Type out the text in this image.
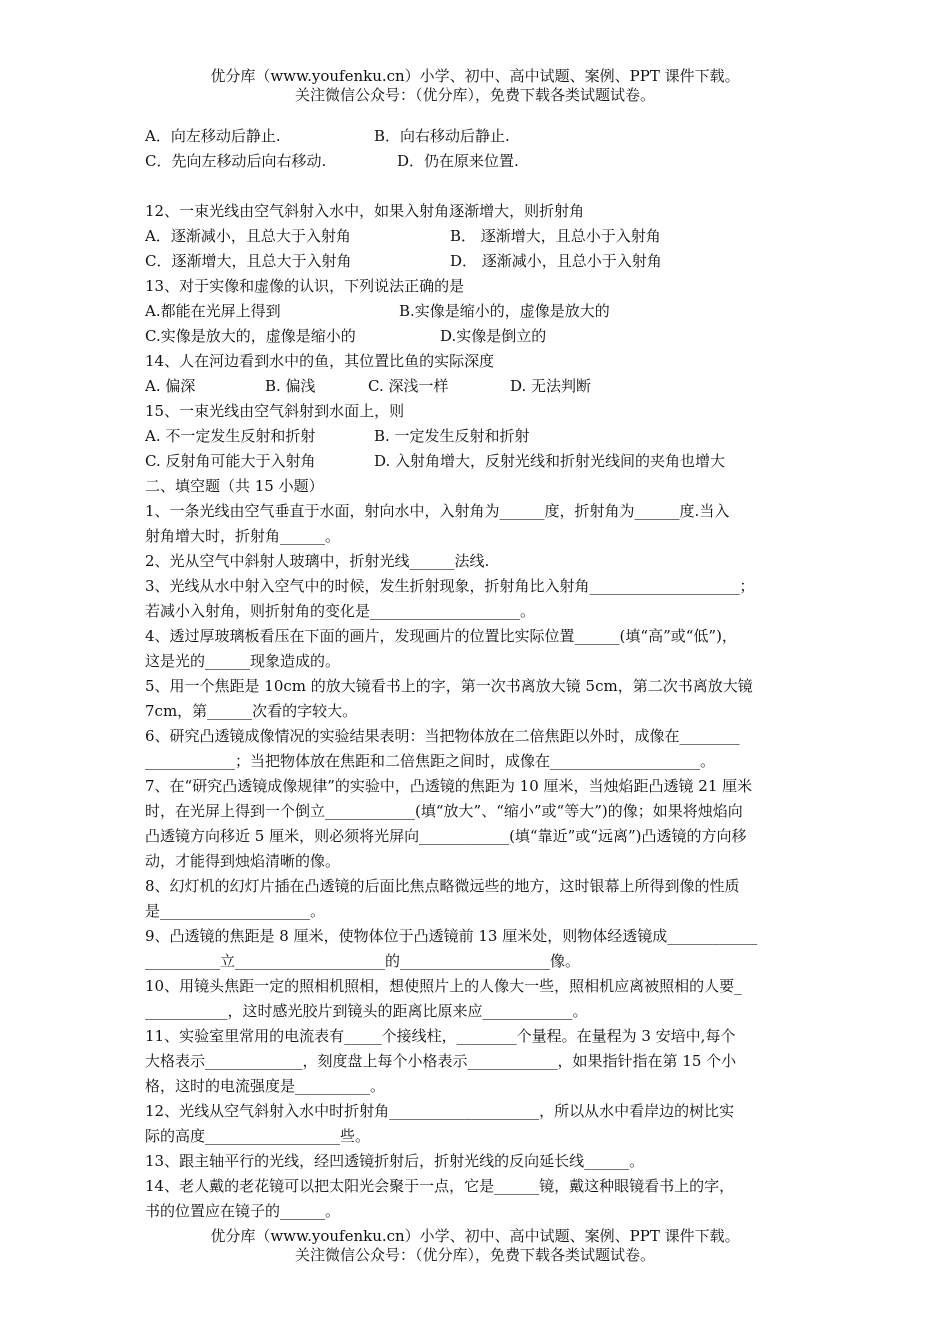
优分库（www.youfenku.cn）小学、初中、高中试题、案例、PPT 课件下载。
关注微信公众号：（优分库），免费下载各类试题试卷。
A．向左移动后静止.	B．向右移动后静止.
C．先向左移动后向右移动.	D．仍在原来位置.
12、一束光线由空气斜射入水中，如果入射角逐渐增大，则折射角
A．逐渐减小，且总大于入射角	B． 逐渐增大，且总小于入射角
C．逐渐增大，且总大于入射角	D． 逐渐减小，且总小于入射角
13、对于实像和虚像的认识，下列说法正确的是
A.都能在光屏上得到	B.实像是缩小的，虚像是放大的
C.实像是放大的，虚像是缩小的	D.实像是倒立的
14、人在河边看到水中的鱼，其位置比鱼的实际深度
A. 偏深	B. 偏浅	C. 深浅一样	D. 无法判断
15、一束光线由空气斜射到水面上，则
A. 不一定发生反射和折射	B. 一定发生反射和折射
C. 反射角可能大于入射角	D. 入射角增大，反射光线和折射光线间的夹角也增大
二、填空题（共 15 小题）
1、一条光线由空气垂直于水面，射向水中，入射角为______度，折射角为______度.当入
射角增大时，折射角______。
2、光从空气中斜射人玻璃中，折射光线______法线.
3、光线从水中射入空气中的时候，发生折射现象，折射角比入射角____________________；
若减小入射角，则折射角的变化是____________________。
4、透过厚玻璃板看压在下面的画片，发现画片的位置比实际位置______(填“高”或“低”)，
这是光的______现象造成的。
5、用一个焦距是 10cm 的放大镜看书上的字，第一次书离放大镜 5cm，第二次书离放大镜
7cm，第______次看的字较大。
6、研究凸透镜成像情况的实验结果表明：当把物体放在二倍焦距以外时，成像在________
____________；当把物体放在焦距和二倍焦距之间时，成像在____________________。
7、在“研究凸透镜成像规律”的实验中，凸透镜的焦距为 10 厘米，当烛焰距凸透镜 21 厘米
时，在光屏上得到一个倒立____________(填“放大”、“缩小”或“等大”)的像；如果将烛焰向
凸透镜方向移近 5 厘米，则必须将光屏向____________(填“靠近”或“远离”)凸透镜的方向移
动，才能得到烛焰清晰的像。
8、幻灯机的幻灯片插在凸透镜的后面比焦点略微远些的地方，这时银幕上所得到像的性质
是____________________。
9、凸透镜的焦距是 8 厘米，使物体位于凸透镜前 13 厘米处，则物体经透镜成____________
__________立____________________的____________________像。
10、用镜头焦距一定的照相机照相，想使照片上的人像大一些，照相机应离被照相的人要_
___________，这时感光胶片到镜头的距离比原来应____________。
11、实验室里常用的电流表有_____个接线柱，________个量程。在量程为 3 安培中,每个
大格表示_____________，刻度盘上每个小格表示____________，如果指针指在第 15 个小
格，这时的电流强度是__________。
12、光线从空气斜射入水中时折射角____________________，所以从水中看岸边的树比实
际的高度__________________些。
13、跟主轴平行的光线，经凹透镜折射后，折射光线的反向延长线______。
14、老人戴的老花镜可以把太阳光会聚于一点，它是______镜，戴这种眼镜看书上的字，
书的位置应在镜子的______。
优分库（www.youfenku.cn）小学、初中、高中试题、案例、PPT 课件下载。
关注微信公众号：（优分库），免费下载各类试题试卷。
